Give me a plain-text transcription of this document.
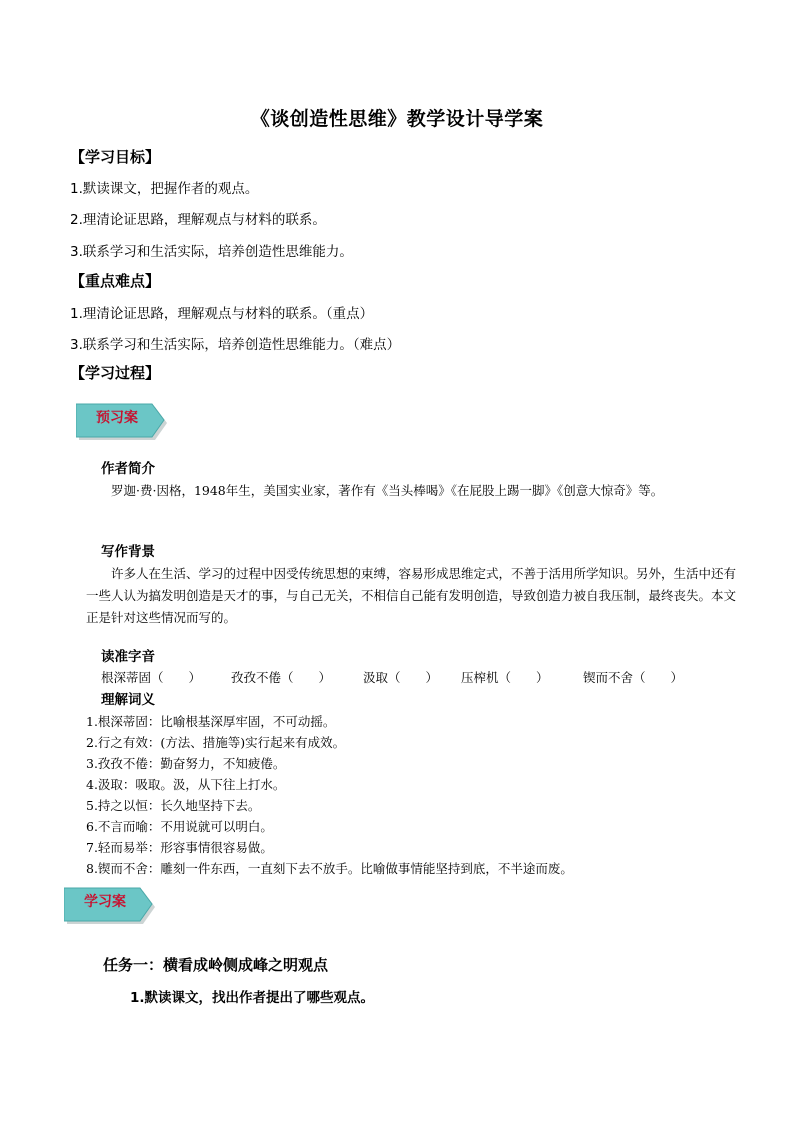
《谈创造性思维》教学设计导学案
【学习目标】
1.默读课文，把握作者的观点。
2.理清论证思路，理解观点与材料的联系。
3.联系学习和生活实际，培养创造性思维能力。
【重点难点】
1.理清论证思路，理解观点与材料的联系。（重点）
3.联系学习和生活实际，培养创造性思维能力。（难点）
【学习过程】
预习案
作者简介
罗迦·费·因格，1948年生，美国实业家，著作有《当头棒喝》《在屁股上踢一脚》《创意大惊奇》等。
写作背景
许多人在生活、学习的过程中因受传统思想的束缚，容易形成思维定式，不善于活用所学知识。另外，生活中还有一些人认为搞发明创造是天才的事，与自己无关，不相信自己能有发明创造，导致创造力被自我压制，最终丧失。本文正是针对这些情况而写的。
读准字音
根深蒂固（　　） 孜孜不倦（　　）	汲取（　　） 压榨机（　　）	锲而不舍（　　）
理解词义
1.根深蒂固：比喻根基深厚牢固，不可动摇。
2.行之有效：(方法、措施等)实行起来有成效。
3.孜孜不倦：勤奋努力，不知疲倦。
4.汲取：吸取。汲，从下往上打水。
5.持之以恒：长久地坚持下去。
6.不言而喻：不用说就可以明白。
7.轻而易举：形容事情很容易做。
8.锲而不舍：雕刻一件东西，一直刻下去不放手。比喻做事情能坚持到底，不半途而废。
学习案
任务一：横看成岭侧成峰之明观点
1.默读课文，找出作者提出了哪些观点。
